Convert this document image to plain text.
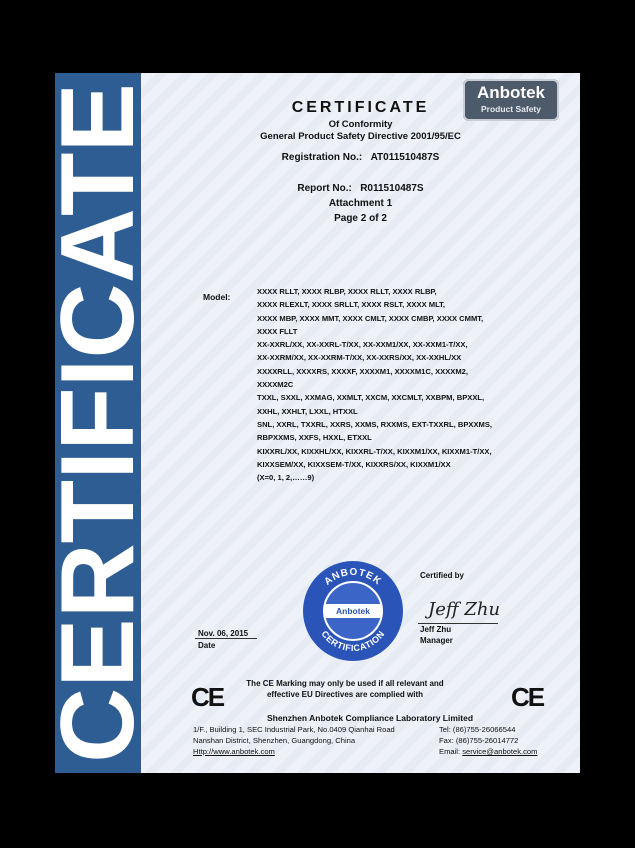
CERTIFICATE	Anbotek
Product Safety
CERTIFICATE
Of Conformity
General Product Safety Directive 2001/95/EC
Registration No.: AT011510487S
Report No.: R011510487S
Attachment 1
Page 2 of 2
Model:
XXXX RLLT, XXXX RLBP, XXXX RLLT, XXXX RLBP,
XXXX RLEXLT, XXXX SRLLT, XXXX RSLT, XXXX MLT,
XXXX MBP, XXXX MMT, XXXX CMLT, XXXX CMBP, XXXX CMMT,
XXXX FLLT
XX-XXRL/XX, XX-XXRL-T/XX, XX-XXM1/XX, XX-XXM1-T/XX,
XX-XXRM/XX, XX-XXRM-T/XX, XX-XXRS/XX, XX-XXHL/XX
XXXXRLL, XXXXRS, XXXXF, XXXXM1, XXXXM1C, XXXXM2,
XXXXM2C
TXXL, SXXL, XXMAG, XXMLT, XXCM, XXCMLT, XXBPM, BPXXL,
XXHL, XXHLT, LXXL, HTXXL
SNL, XXRL, TXXRL, XXRS, XXMS, RXXMS, EXT-TXXRL, BPXXMS,
RBPXXMS, XXFS, HXXL, ETXXL
KIXXRL/XX, KIXXHL/XX, KIXXRL-T/XX, KIXXM1/XX, KIXXM1-T/XX,
KIXXSEM/XX, KIXXSEM-T/XX, KIXXRS/XX, KIXXM1/XX
(X=0, 1, 2,……9)
ANBOTEK
CERTIFICATION
Anbotek
Certified by
Jeff Zhu
Jeff Zhu
Manager
Nov. 06, 2015
Date
CE	CE
The CE Marking may only be used if all relevant and
effective EU Directives are complied with
Shenzhen Anbotek Compliance Laboratory Limited
1/F., Building 1, SEC Industrial Park, No.0409 Qianhai Road
Nanshan District, Shenzhen, Guangdong, China
Http://www.anbotek.com
Tel: (86)755-26066544
Fax: (86)755-26014772
Email: service@anbotek.com
